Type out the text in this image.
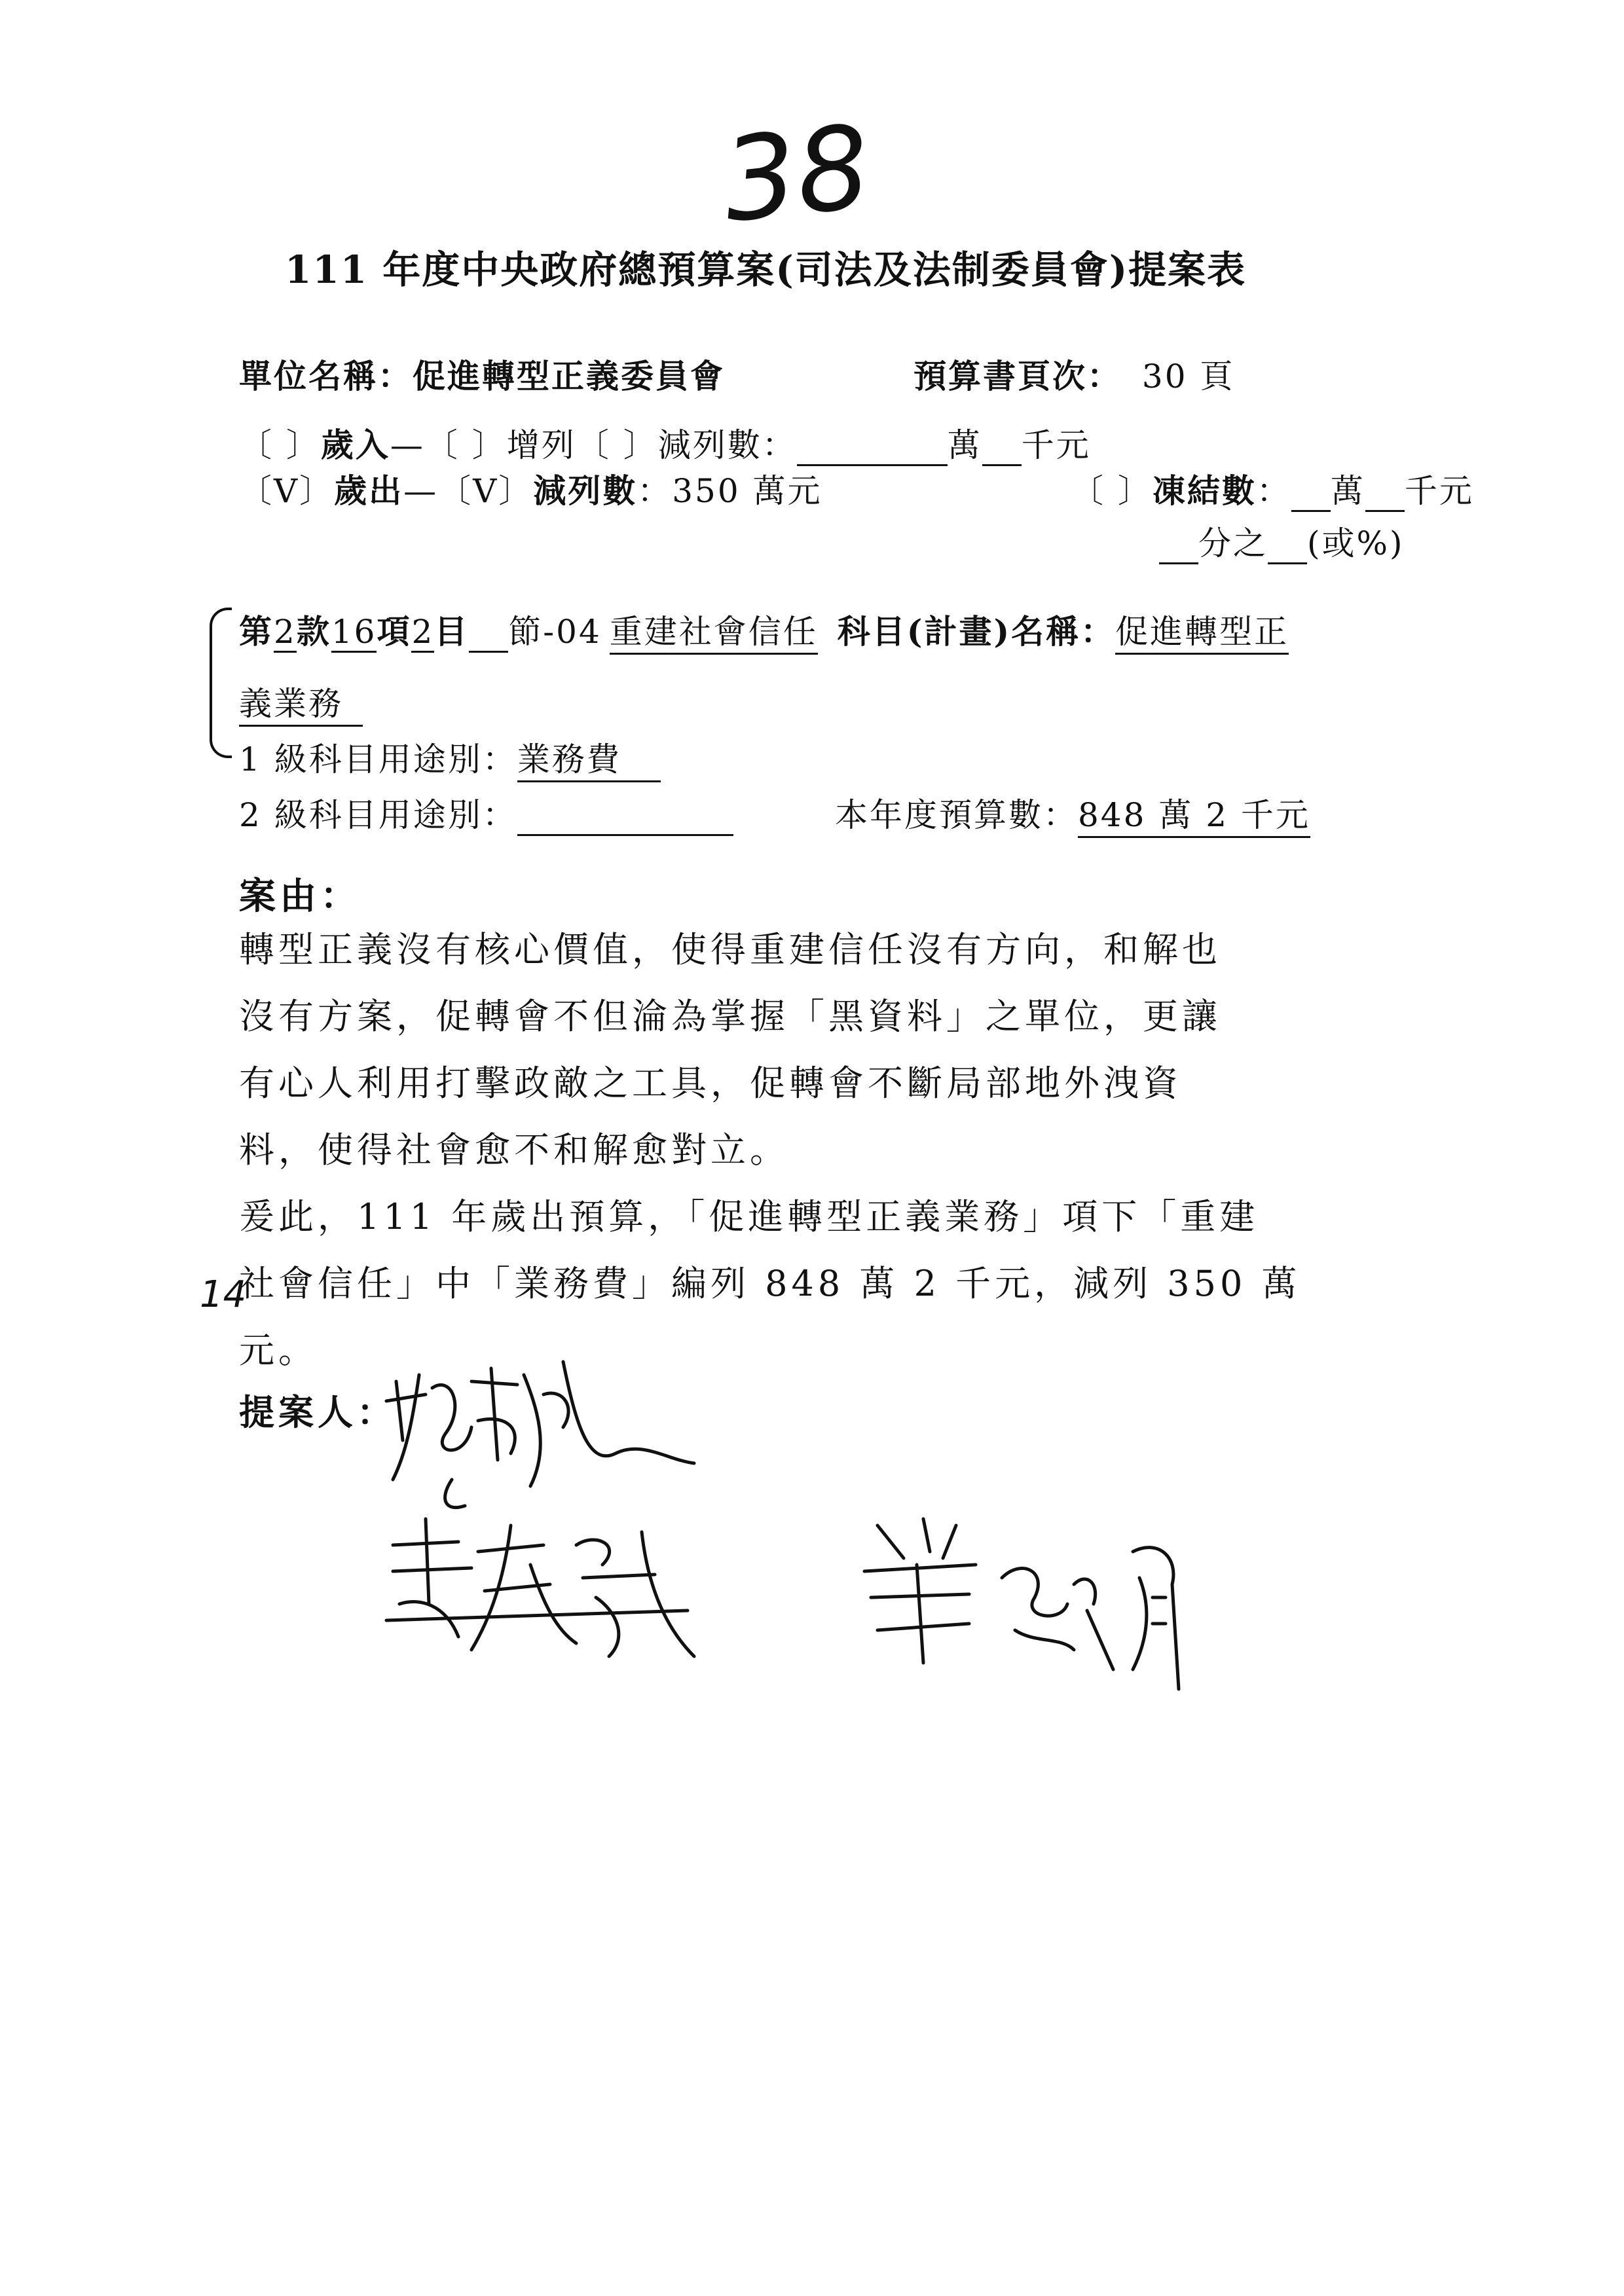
38
111 年度中央政府總預算案(司法及法制委員會)提案表
單位名稱：促進轉型正義委員會	預算書頁次： 30 頁
〔 〕歲入—〔 〕增列〔 〕減列數：	萬 千元
〔V〕歲出—〔V〕減列數：350 萬元	〔 〕凍結數： 萬 千元
分之 (或%)
第2款16項2目 節-04 重建社會信任 科目(計畫)名稱：促進轉型正
義業務
1 級科目用途別：業務費
2 級科目用途別：	本年度預算數：848 萬 2 千元
案由：
轉型正義沒有核心價值，使得重建信任沒有方向，和解也
沒有方案，促轉會不但淪為掌握「黑資料」之單位，更讓
有心人利用打擊政敵之工具，促轉會不斷局部地外洩資
料，使得社會愈不和解愈對立。
爰此，111 年歲出預算，「促進轉型正義業務」項下「重建
社會信任」中「業務費」編列 848 萬 2 千元，減列 350 萬
元。
14
提案人：
